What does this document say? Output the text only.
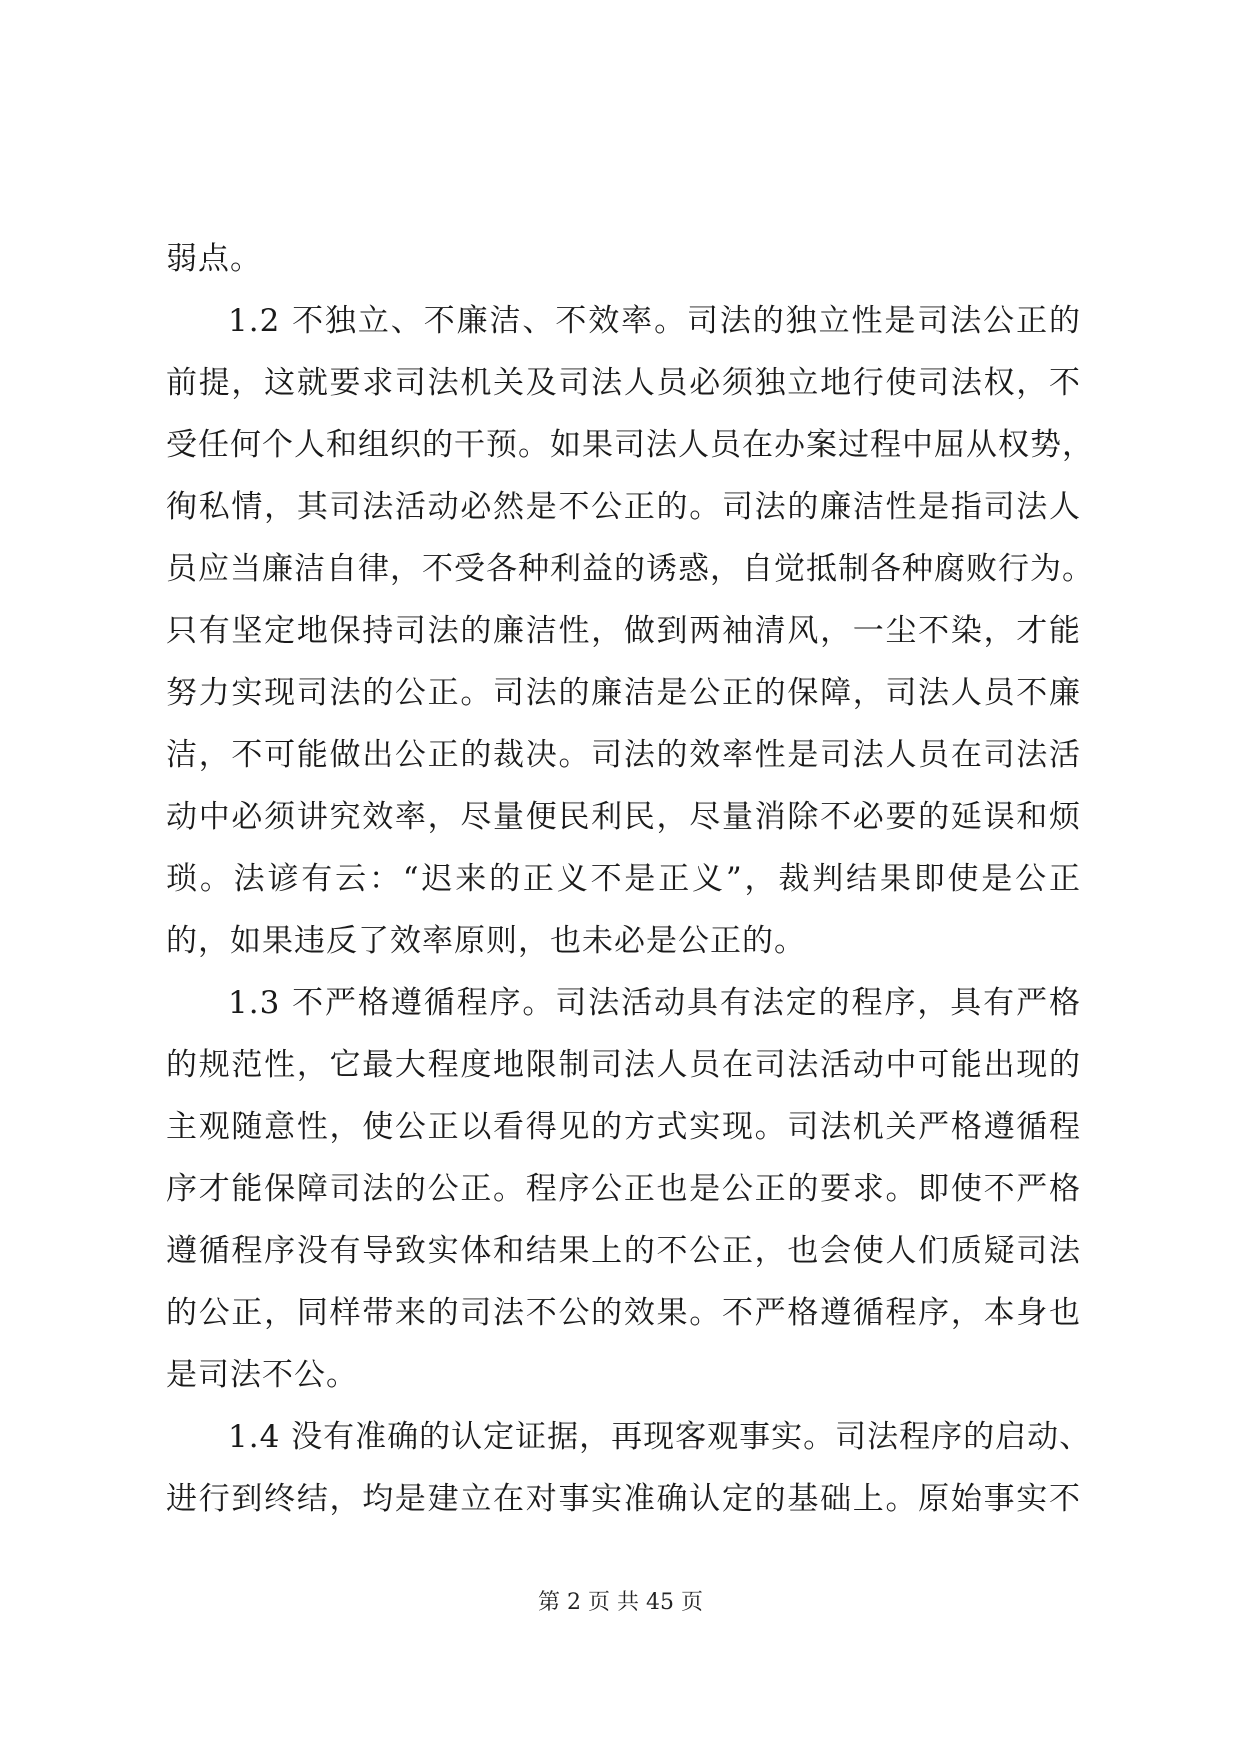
弱点。
1.2 不独立、不廉洁、不效率。司法的独立性是司法公正的
前提，这就要求司法机关及司法人员必须独立地行使司法权，不
受任何个人和组织的干预。如果司法人员在办案过程中屈从权势，
徇私情，其司法活动必然是不公正的。司法的廉洁性是指司法人
员应当廉洁自律，不受各种利益的诱惑，自觉抵制各种腐败行为。
只有坚定地保持司法的廉洁性，做到两袖清风，一尘不染，才能
努力实现司法的公正。司法的廉洁是公正的保障，司法人员不廉
洁，不可能做出公正的裁决。司法的效率性是司法人员在司法活
动中必须讲究效率，尽量便民利民，尽量消除不必要的延误和烦
琐。法谚有云：“迟来的正义不是正义”，裁判结果即使是公正
的，如果违反了效率原则，也未必是公正的。
1.3 不严格遵循程序。司法活动具有法定的程序，具有严格
的规范性，它最大程度地限制司法人员在司法活动中可能出现的
主观随意性，使公正以看得见的方式实现。司法机关严格遵循程
序才能保障司法的公正。程序公正也是公正的要求。即使不严格
遵循程序没有导致实体和结果上的不公正，也会使人们质疑司法
的公正，同样带来的司法不公的效果。不严格遵循程序，本身也
是司法不公。
1.4 没有准确的认定证据，再现客观事实。司法程序的启动、
进行到终结，均是建立在对事实准确认定的基础上。原始事实不
第 2 页 共 45 页
